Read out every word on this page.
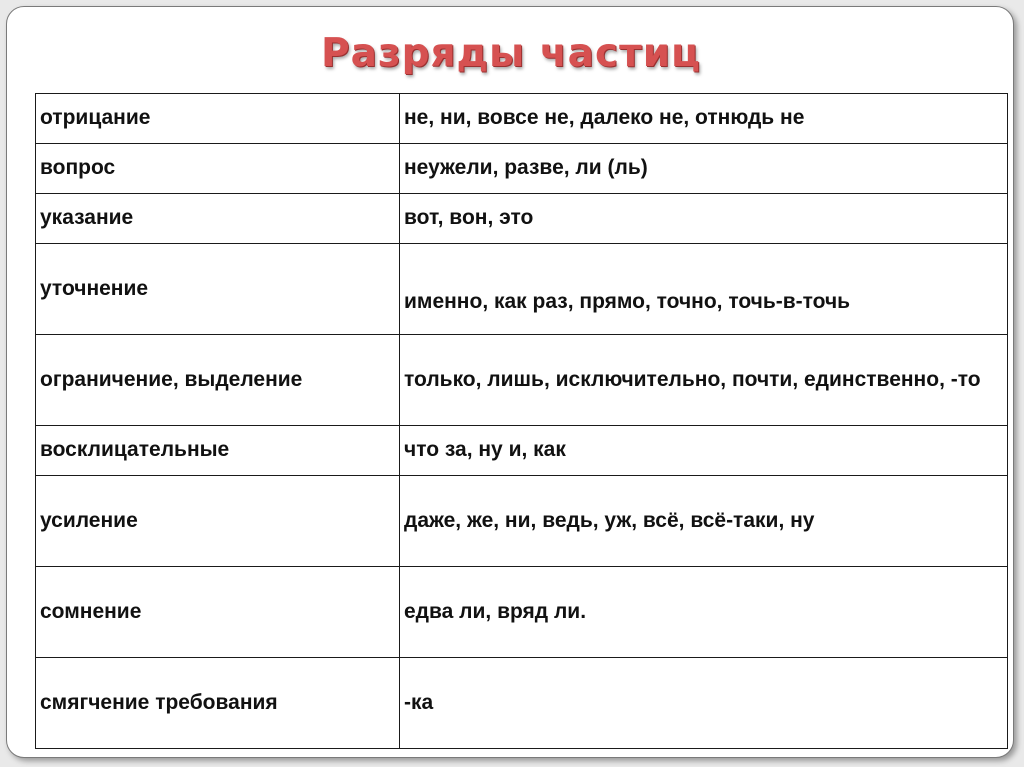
Разряды частиц
отрицание	не, ни, вовсе не, далеко не, отнюдь не
вопрос	неужели, разве, ли (ль)
указание	вот, вон, это
уточнение	именно, как раз, прямо, точно, точь-в-точь
ограничение, выделение	только, лишь, исключительно, почти, единственно, -то
восклицательные	что за, ну и, как
усиление	даже, же, ни, ведь, уж, всё, всё-таки, ну
сомнение	едва ли, вряд ли.
смягчение требования	-ка
